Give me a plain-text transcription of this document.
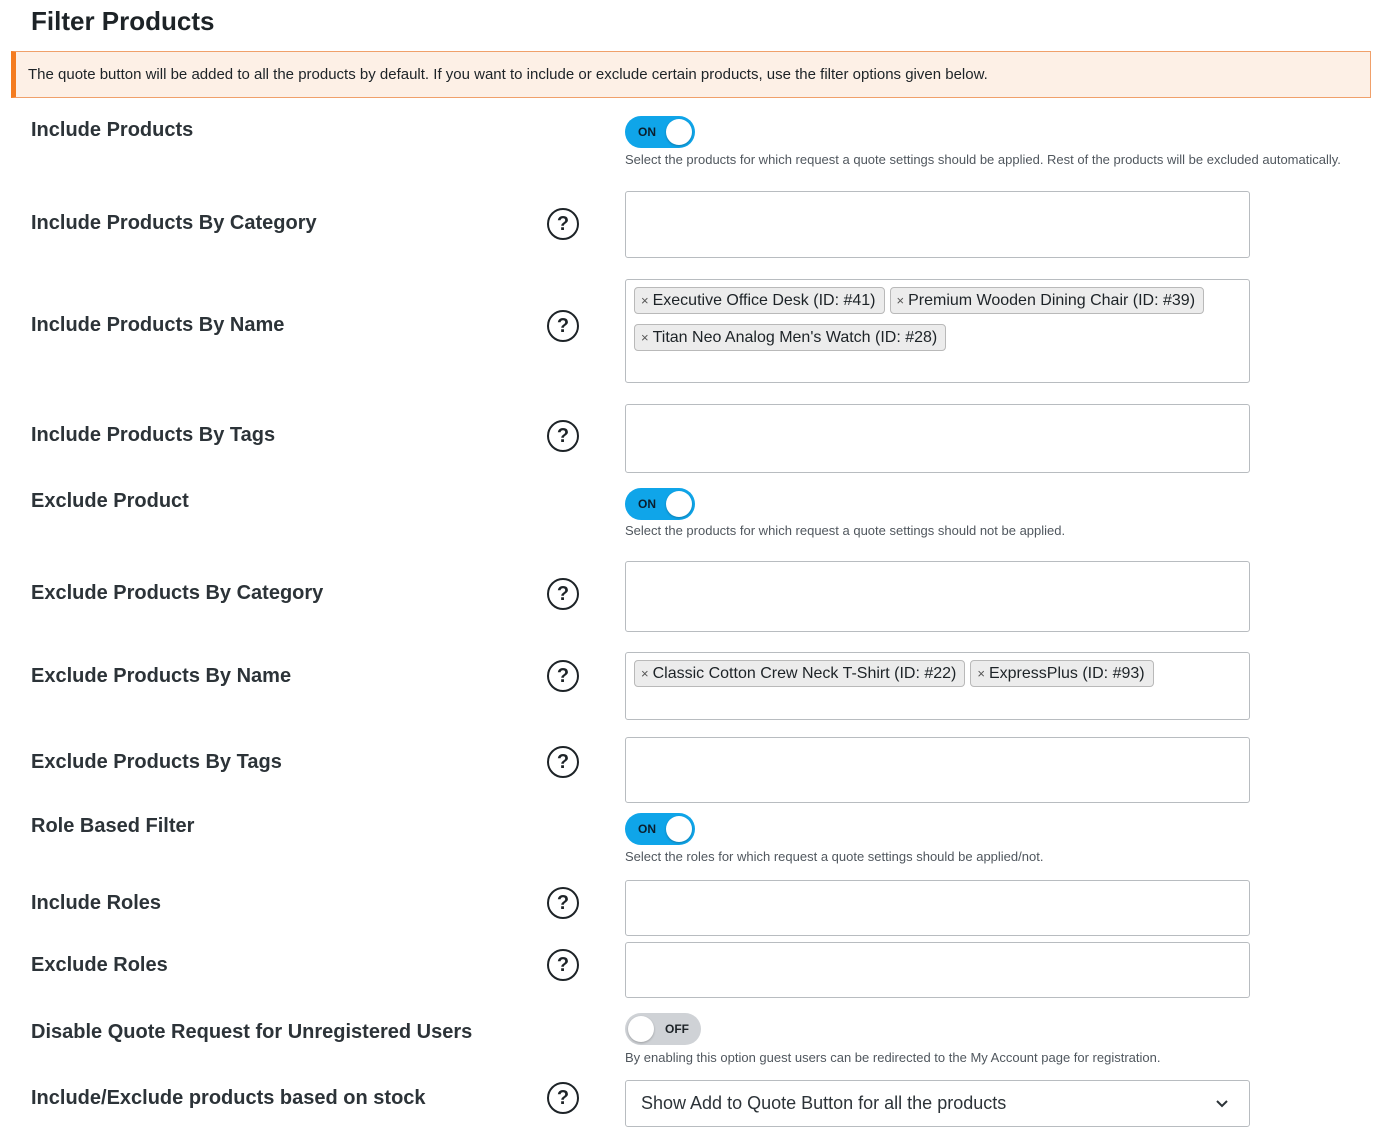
Filter Products
The quote button will be added to all the products by default. If you want to include or exclude certain products, use the filter options given below.
Include Products	ON
Select the products for which request a quote settings should be applied. Rest of the products will be excluded automatically.
Include Products By Category	?
Include Products By Name	?
× Executive Office Desk (ID: #41) × Premium Wooden Dining Chair (ID: #39)
× Titan Neo Analog Men's Watch (ID: #28)
Include Products By Tags	?
Exclude Product	ON
Select the products for which request a quote settings should not be applied.
Exclude Products By Category	?
Exclude Products By Name	?	× Classic Cotton Crew Neck T-Shirt (ID: #22) × ExpressPlus (ID: #93)
Exclude Products By Tags	?
Role Based Filter	ON
Select the roles for which request a quote settings should be applied/not.
Include Roles	?
Exclude Roles	?
Disable Quote Request for Unregistered Users	OFF
By enabling this option guest users can be redirected to the My Account page for registration.
Include/Exclude products based on stock	?	Show Add to Quote Button for all the products
